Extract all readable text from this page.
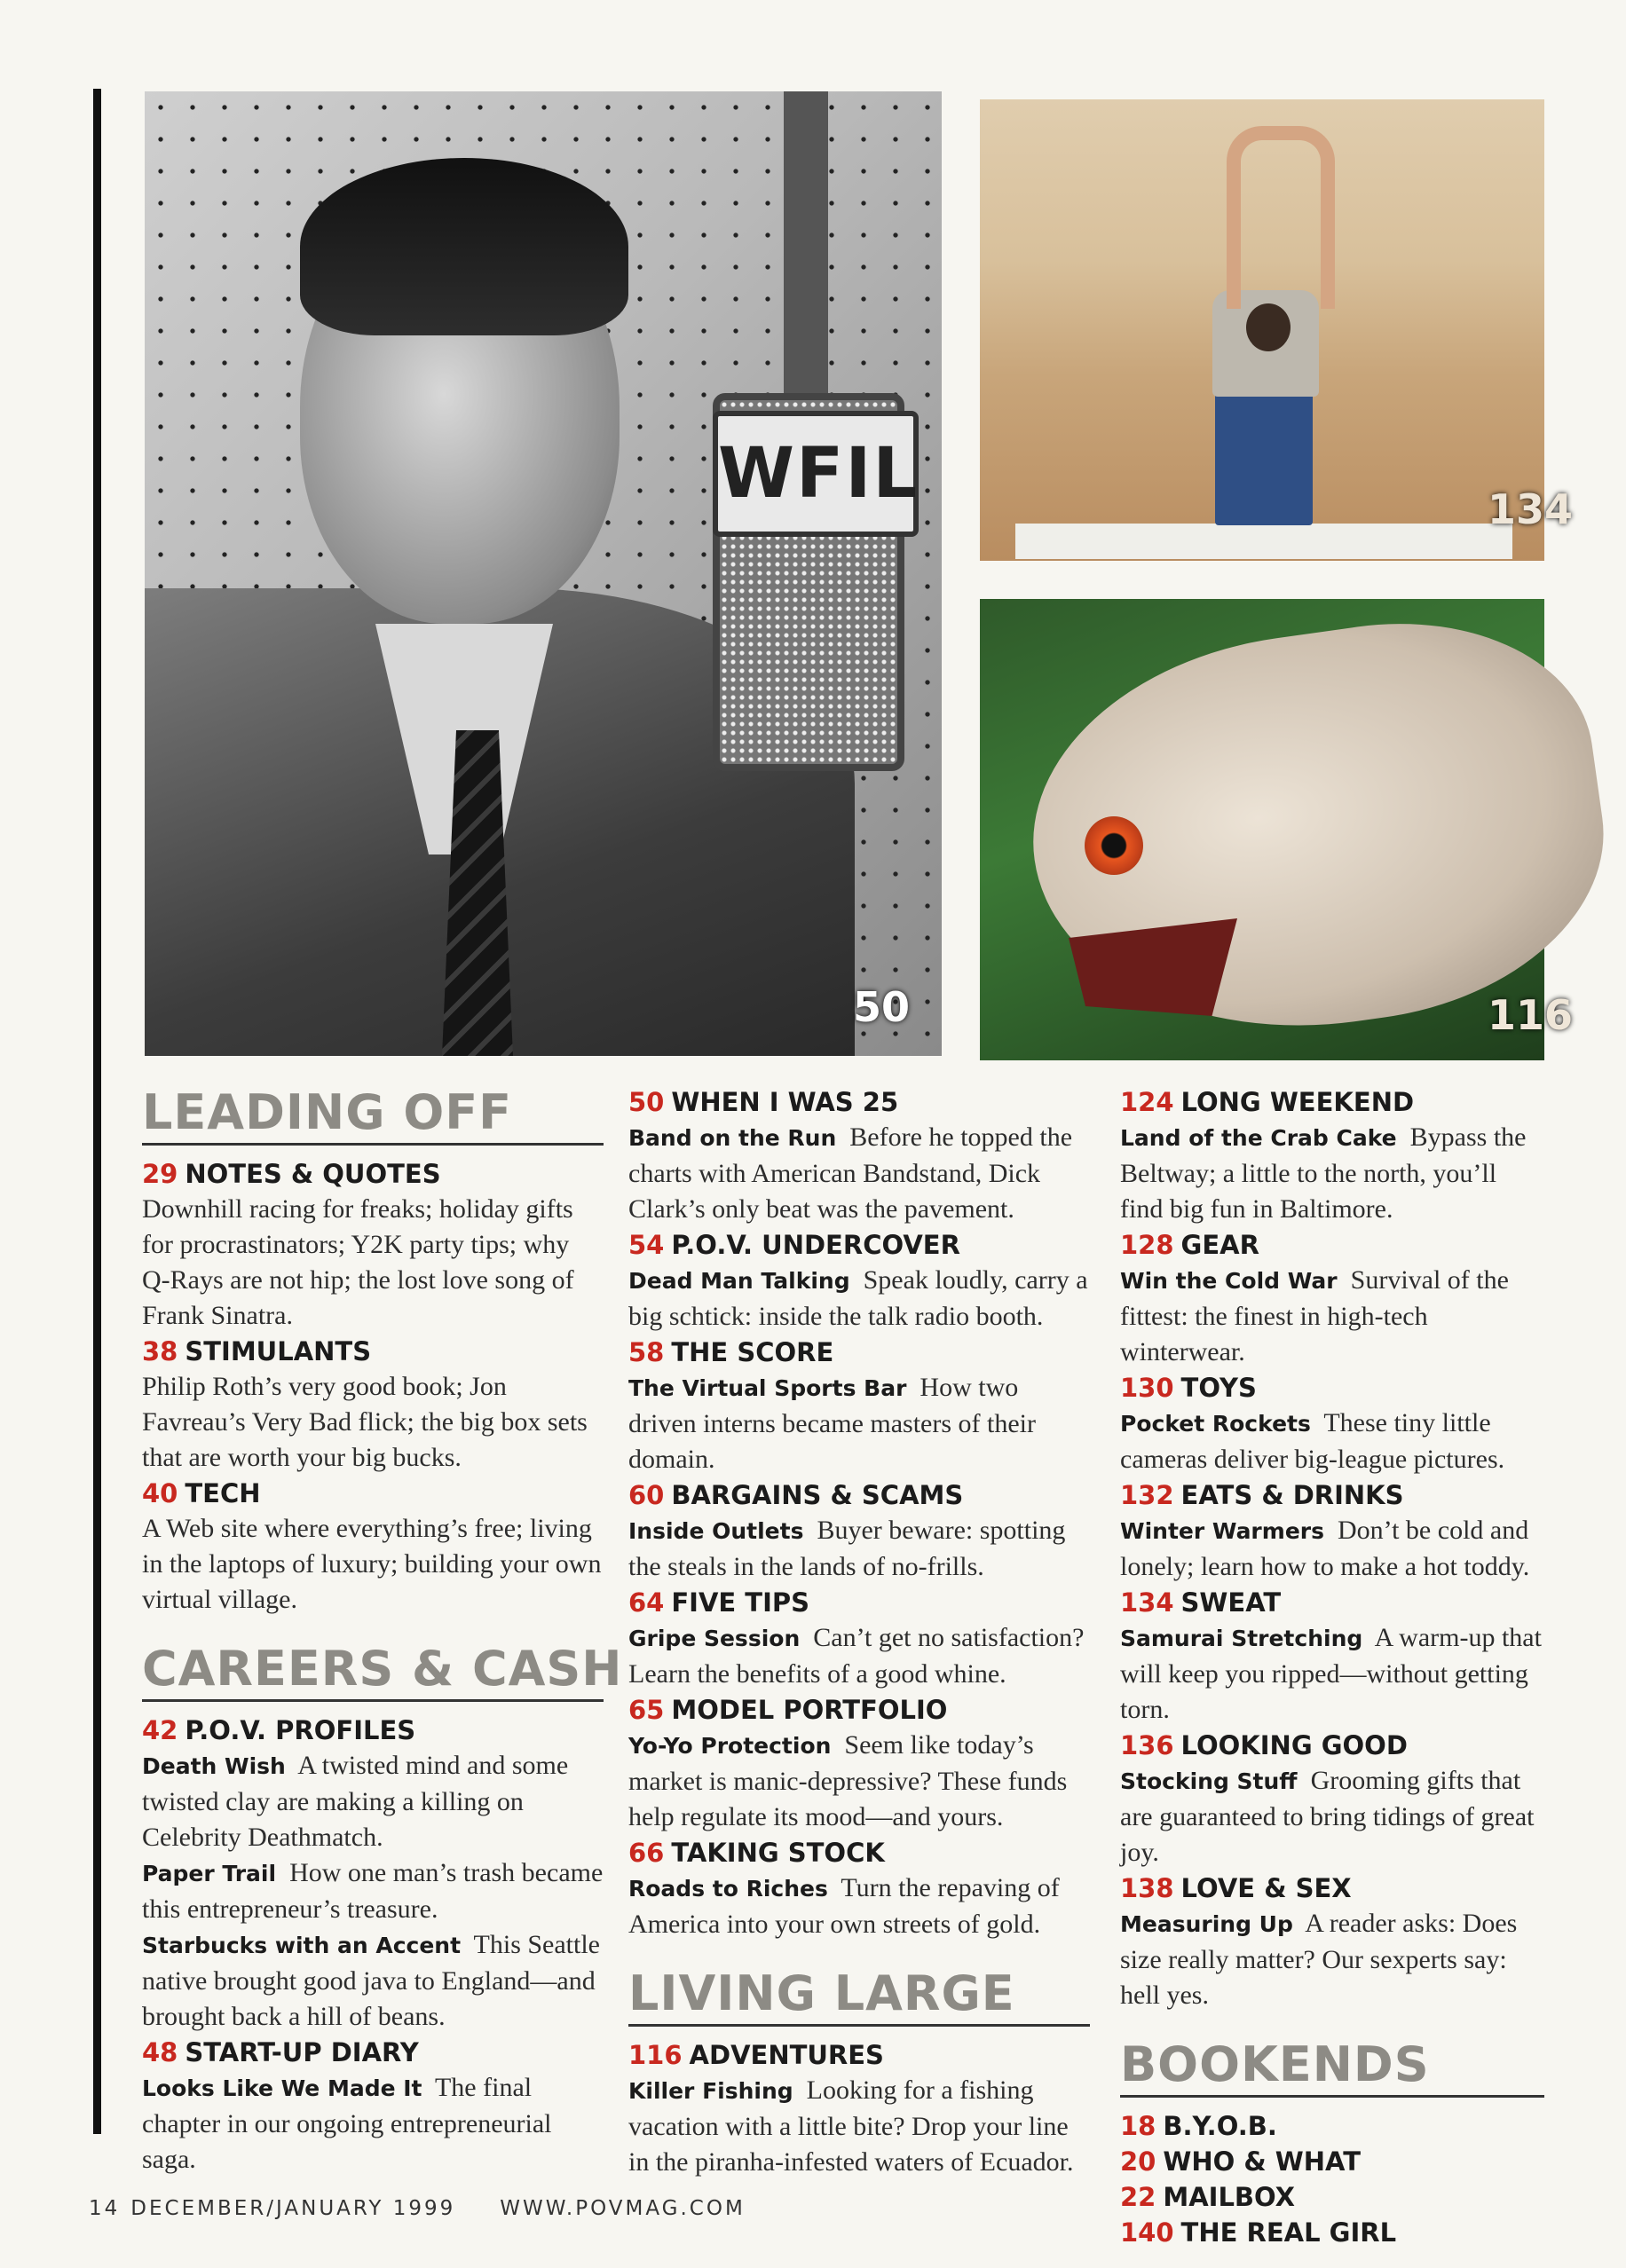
WFIL
50
134
116
LEADING OFF
29 NOTES & QUOTES
Downhill racing for freaks; holiday gifts for procrastinators; Y2K party tips; why Q-Rays are not hip; the lost love song of Frank Sinatra.
38 STIMULANTS
Philip Roth’s very good book; Jon Favreau’s Very Bad flick; the big box sets that are worth your big bucks.
40 TECH
A Web site where everything’s free; living in the laptops of luxury; building your own virtual village.
CAREERS & CASH
42 P.O.V. PROFILES
Death Wish A twisted mind and some twisted clay are making a killing on Celebrity Deathmatch.
Paper Trail How one man’s trash became this entrepreneur’s treasure.
Starbucks with an Accent This Seattle native brought good java to England—and brought back a hill of beans.
48 START-UP DIARY
Looks Like We Made It The final chapter in our ongoing entrepreneurial saga.
50 WHEN I WAS 25
Band on the Run Before he topped the charts with American Bandstand, Dick Clark’s only beat was the pavement.
54 P.O.V. UNDERCOVER
Dead Man Talking Speak loudly, carry a big schtick: inside the talk radio booth.
58 THE SCORE
The Virtual Sports Bar How two driven interns became masters of their domain.
60 BARGAINS & SCAMS
Inside Outlets Buyer beware: spotting the steals in the lands of no-frills.
64 FIVE TIPS
Gripe Session Can’t get no satisfaction? Learn the benefits of a good whine.
65 MODEL PORTFOLIO
Yo-Yo Protection Seem like today’s market is manic-depressive? These funds help regulate its mood—and yours.
66 TAKING STOCK
Roads to Riches Turn the repaving of America into your own streets of gold.
LIVING LARGE
116 ADVENTURES
Killer Fishing Looking for a fishing vacation with a little bite? Drop your line in the piranha-infested waters of Ecuador.
124 LONG WEEKEND
Land of the Crab Cake Bypass the Beltway; a little to the north, you’ll find big fun in Baltimore.
128 GEAR
Win the Cold War Survival of the fittest: the finest in high-tech winterwear.
130 TOYS
Pocket Rockets These tiny little cameras deliver big-league pictures.
132 EATS & DRINKS
Winter Warmers Don’t be cold and lonely; learn how to make a hot toddy.
134 SWEAT
Samurai Stretching A warm-up that will keep you ripped—without getting torn.
136 LOOKING GOOD
Stocking Stuff Grooming gifts that are guaranteed to bring tidings of great joy.
138 LOVE & SEX
Measuring Up A reader asks: Does size really matter? Our sexperts say: hell yes.
BOOKENDS
18 B.Y.O.B.
20 WHO & WHAT
22 MAILBOX
140 THE REAL GIRL
14 DECEMBER/JANUARY 1999 WWW.POVMAG.COM
